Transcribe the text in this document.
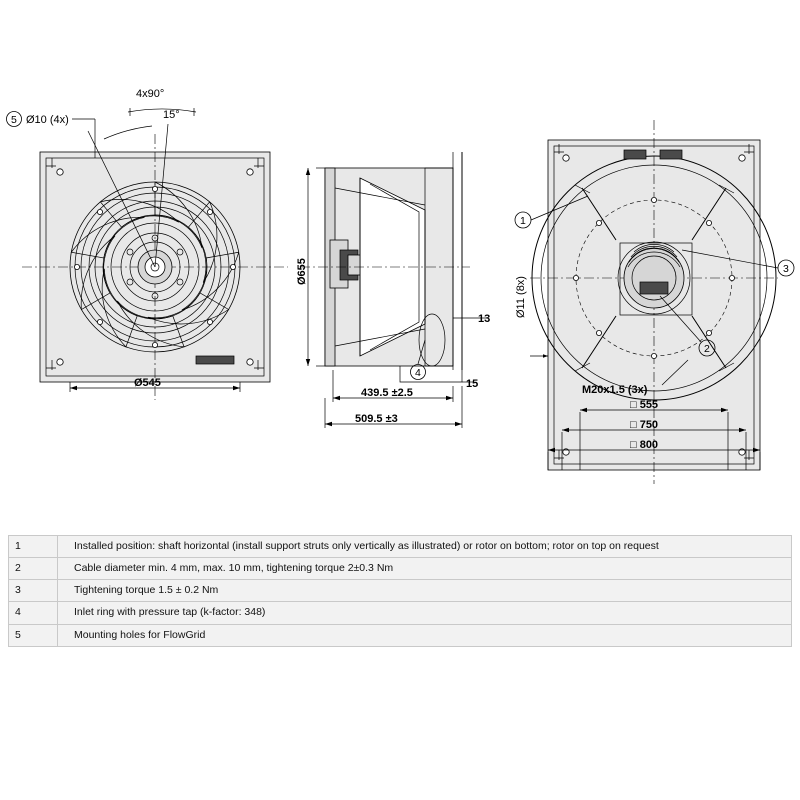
4x90°
15°
5 Ø10 (4x)
Ø545
Ø655
439.5 ±2.5
509.5 ±3
13
15
4
1
3
2
Ø11 (8x)
M20x1.5 (3x)
□ 555
□ 750
□ 800
1	Installed position: shaft horizontal (install support struts only vertically as illustrated) or rotor on bottom; rotor on top on request
2	Cable diameter min. 4 mm, max. 10 mm, tightening torque 2±0.3 Nm
3	Tightening torque 1.5 ± 0.2 Nm
4	Inlet ring with pressure tap (k-factor: 348)
5	Mounting holes for FlowGrid
